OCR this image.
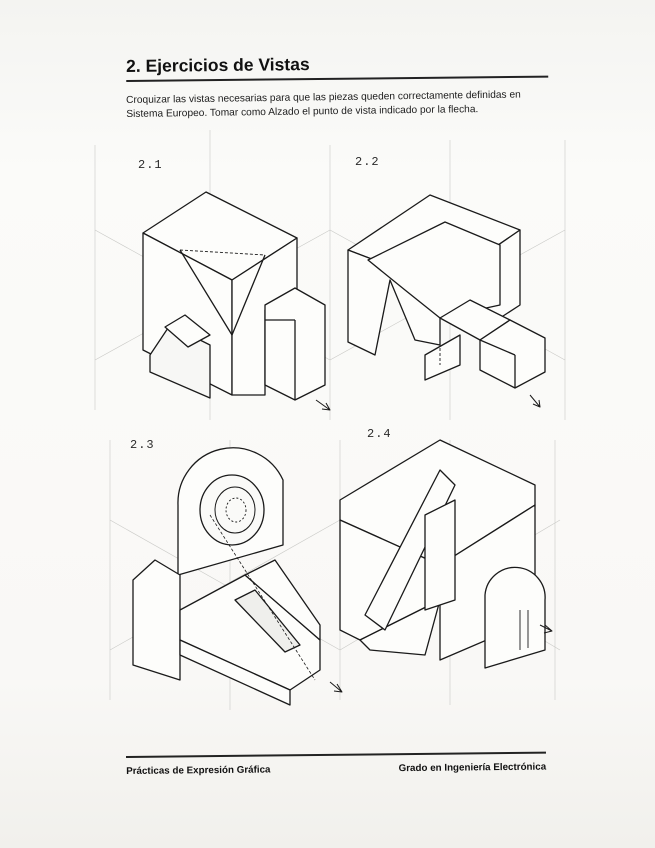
2. Ejercicios de Vistas

Croquizar las vistas necesarias para que las piezas queden correctamente definidas en

Sistema Europeo. Tomar como Alzado el punto de vista indicado por la flecha.

2.1	2.2
2.3
2.4
Prácticas de Expresión Gráfica	Grado en Ingeniería Electrónica
